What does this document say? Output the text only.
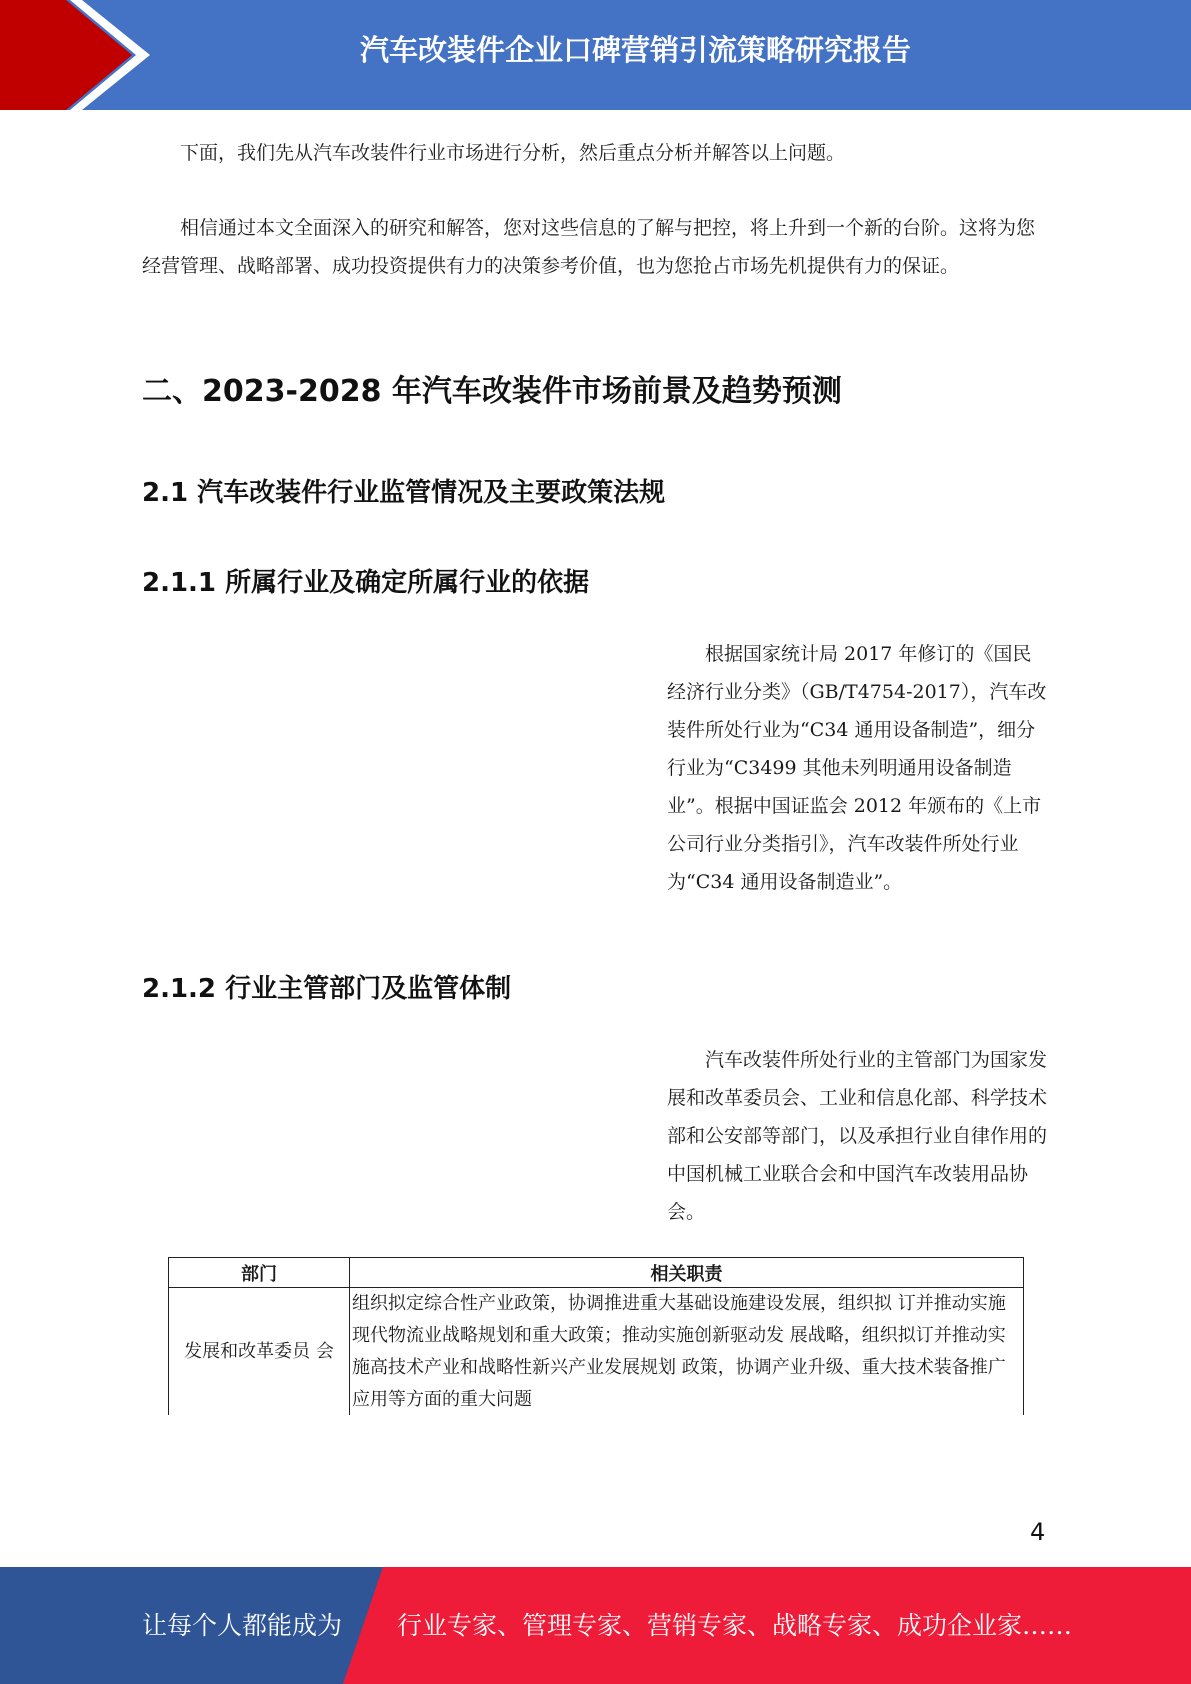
汽车改装件企业口碑营销引流策略研究报告

下面，我们先从汽车改装件行业市场进行分析，然后重点分析并解答以上问题。

相信通过本文全面深入的研究和解答，您对这些信息的了解与把控，将上升到一个新的台阶。这将为您经营管理、战略部署、成功投资提供有力的决策参考价值，也为您抢占市场先机提供有力的保证。

二、2023-2028 年汽车改装件市场前景及趋势预测
2.1 汽车改装件行业监管情况及主要政策法规
2.1.1 所属行业及确定所属行业的依据

根据国家统计局 2017 年修订的《国民经济行业分类》（GB/T4754-2017），汽车改装件所处行业为“C34 通用设备制造”，细分行业为“C3499 其他未列明通用设备制造业”。根据中国证监会 2012 年颁布的《上市公司行业分类指引》，汽车改装件所处行业为“C34 通用设备制造业”。

2.1.2 行业主管部门及监管体制

汽车改装件所处行业的主管部门为国家发展和改革委员会、工业和信息化部、科学技术部和公安部等部门，以及承担行业自律作用的中国机械工业联合会和中国汽车改装用品协会。

部门	相关职责
发展和改革委员 会	组织拟定综合性产业政策，协调推进重大基础设施建设发展，组织拟 订并推动实施现代物流业战略规划和重大政策；推动实施创新驱动发 展战略，组织拟订并推动实施高技术产业和战略性新兴产业发展规划 政策，协调产业升级、重大技术装备推广应用等方面的重大问题
4
让每个人都能成为 行业专家、管理专家、营销专家、战略专家、成功企业家……
